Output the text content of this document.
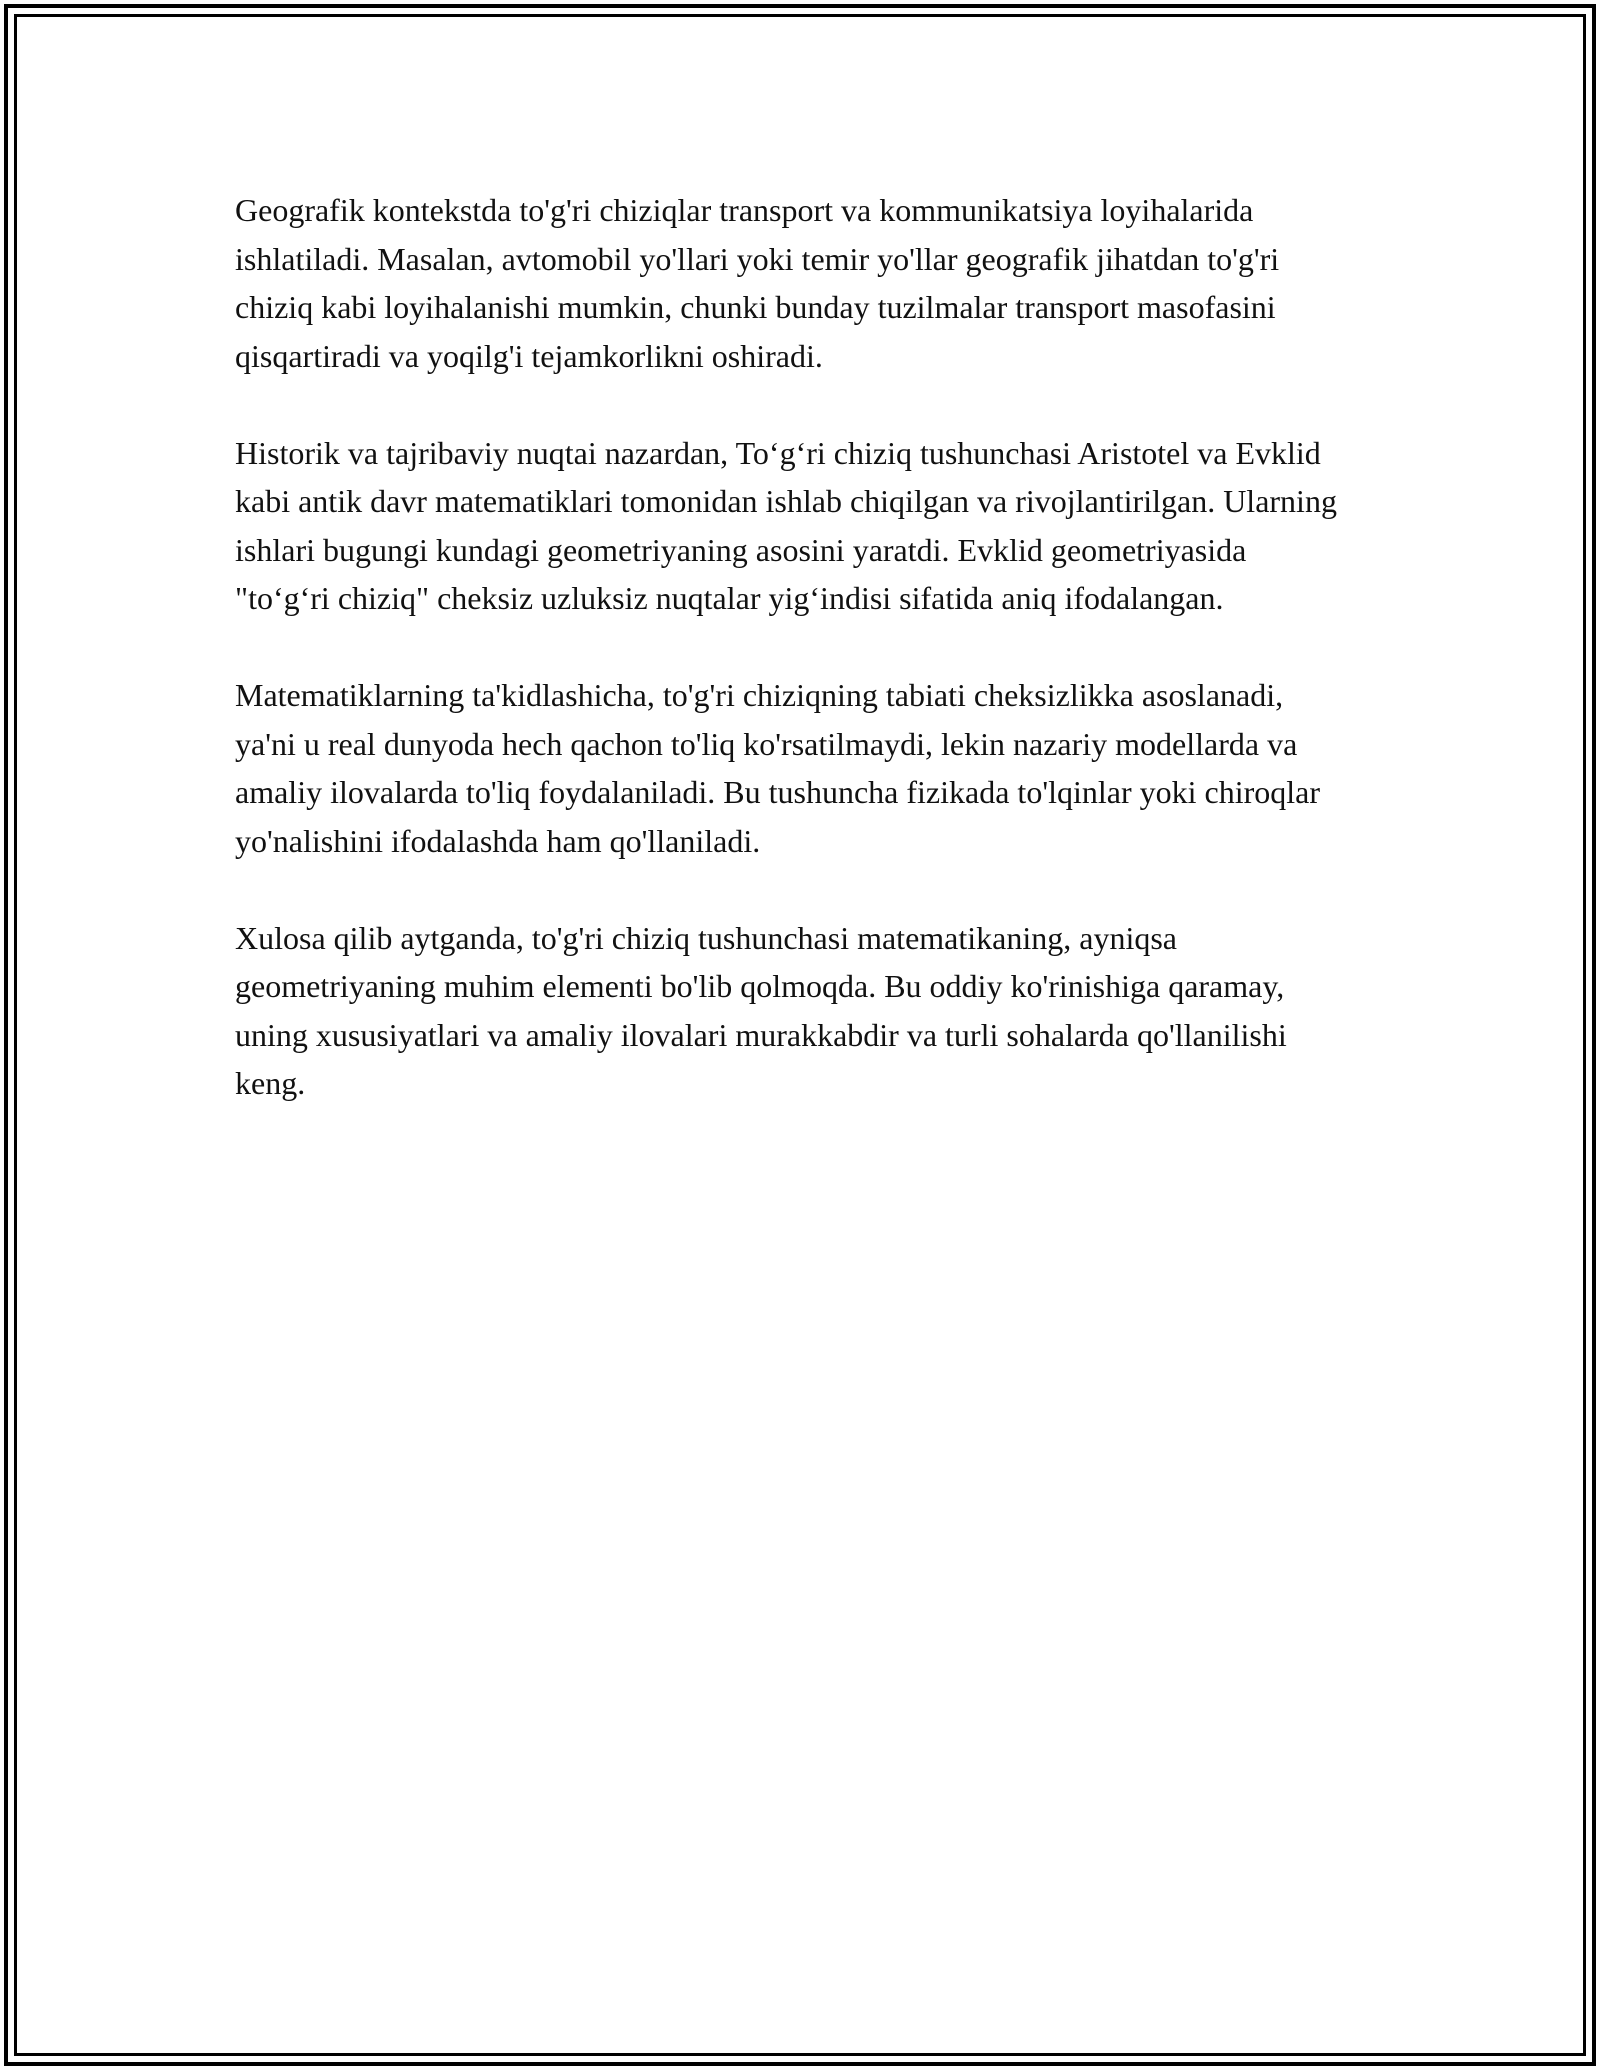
Geografik kontekstda to'g'ri chiziqlar transport va kommunikatsiya loyihalarida ishlatiladi. Masalan, avtomobil yo'llari yoki temir yo'llar geografik jihatdan to'g'ri chiziq kabi loyihalanishi mumkin, chunki bunday tuzilmalar transport masofasini qisqartiradi va yoqilg'i tejamkorlikni oshiradi.

Historik va tajribaviy nuqtai nazardan, To‘g‘ri chiziq tushunchasi Aristotel va Evklid kabi antik davr matematiklari tomonidan ishlab chiqilgan va rivojlantirilgan. Ularning ishlari bugungi kundagi geometriyaning asosini yaratdi. Evklid geometriyasida "to‘g‘ri chiziq" cheksiz uzluksiz nuqtalar yig‘indisi sifatida aniq ifodalangan.

Matematiklarning ta'kidlashicha, to'g'ri chiziqning tabiati cheksizlikka asoslanadi, ya'ni u real dunyoda hech qachon to'liq ko'rsatilmaydi, lekin nazariy modellarda va amaliy ilovalarda to'liq foydalaniladi. Bu tushuncha fizikada to'lqinlar yoki chiroqlar yo'nalishini ifodalashda ham qo'llaniladi.

Xulosa qilib aytganda, to'g'ri chiziq tushunchasi matematikaning, ayniqsa geometriyaning muhim elementi bo'lib qolmoqda. Bu oddiy ko'rinishiga qaramay, uning xususiyatlari va amaliy ilovalari murakkabdir va turli sohalarda qo'llanilishi keng.
